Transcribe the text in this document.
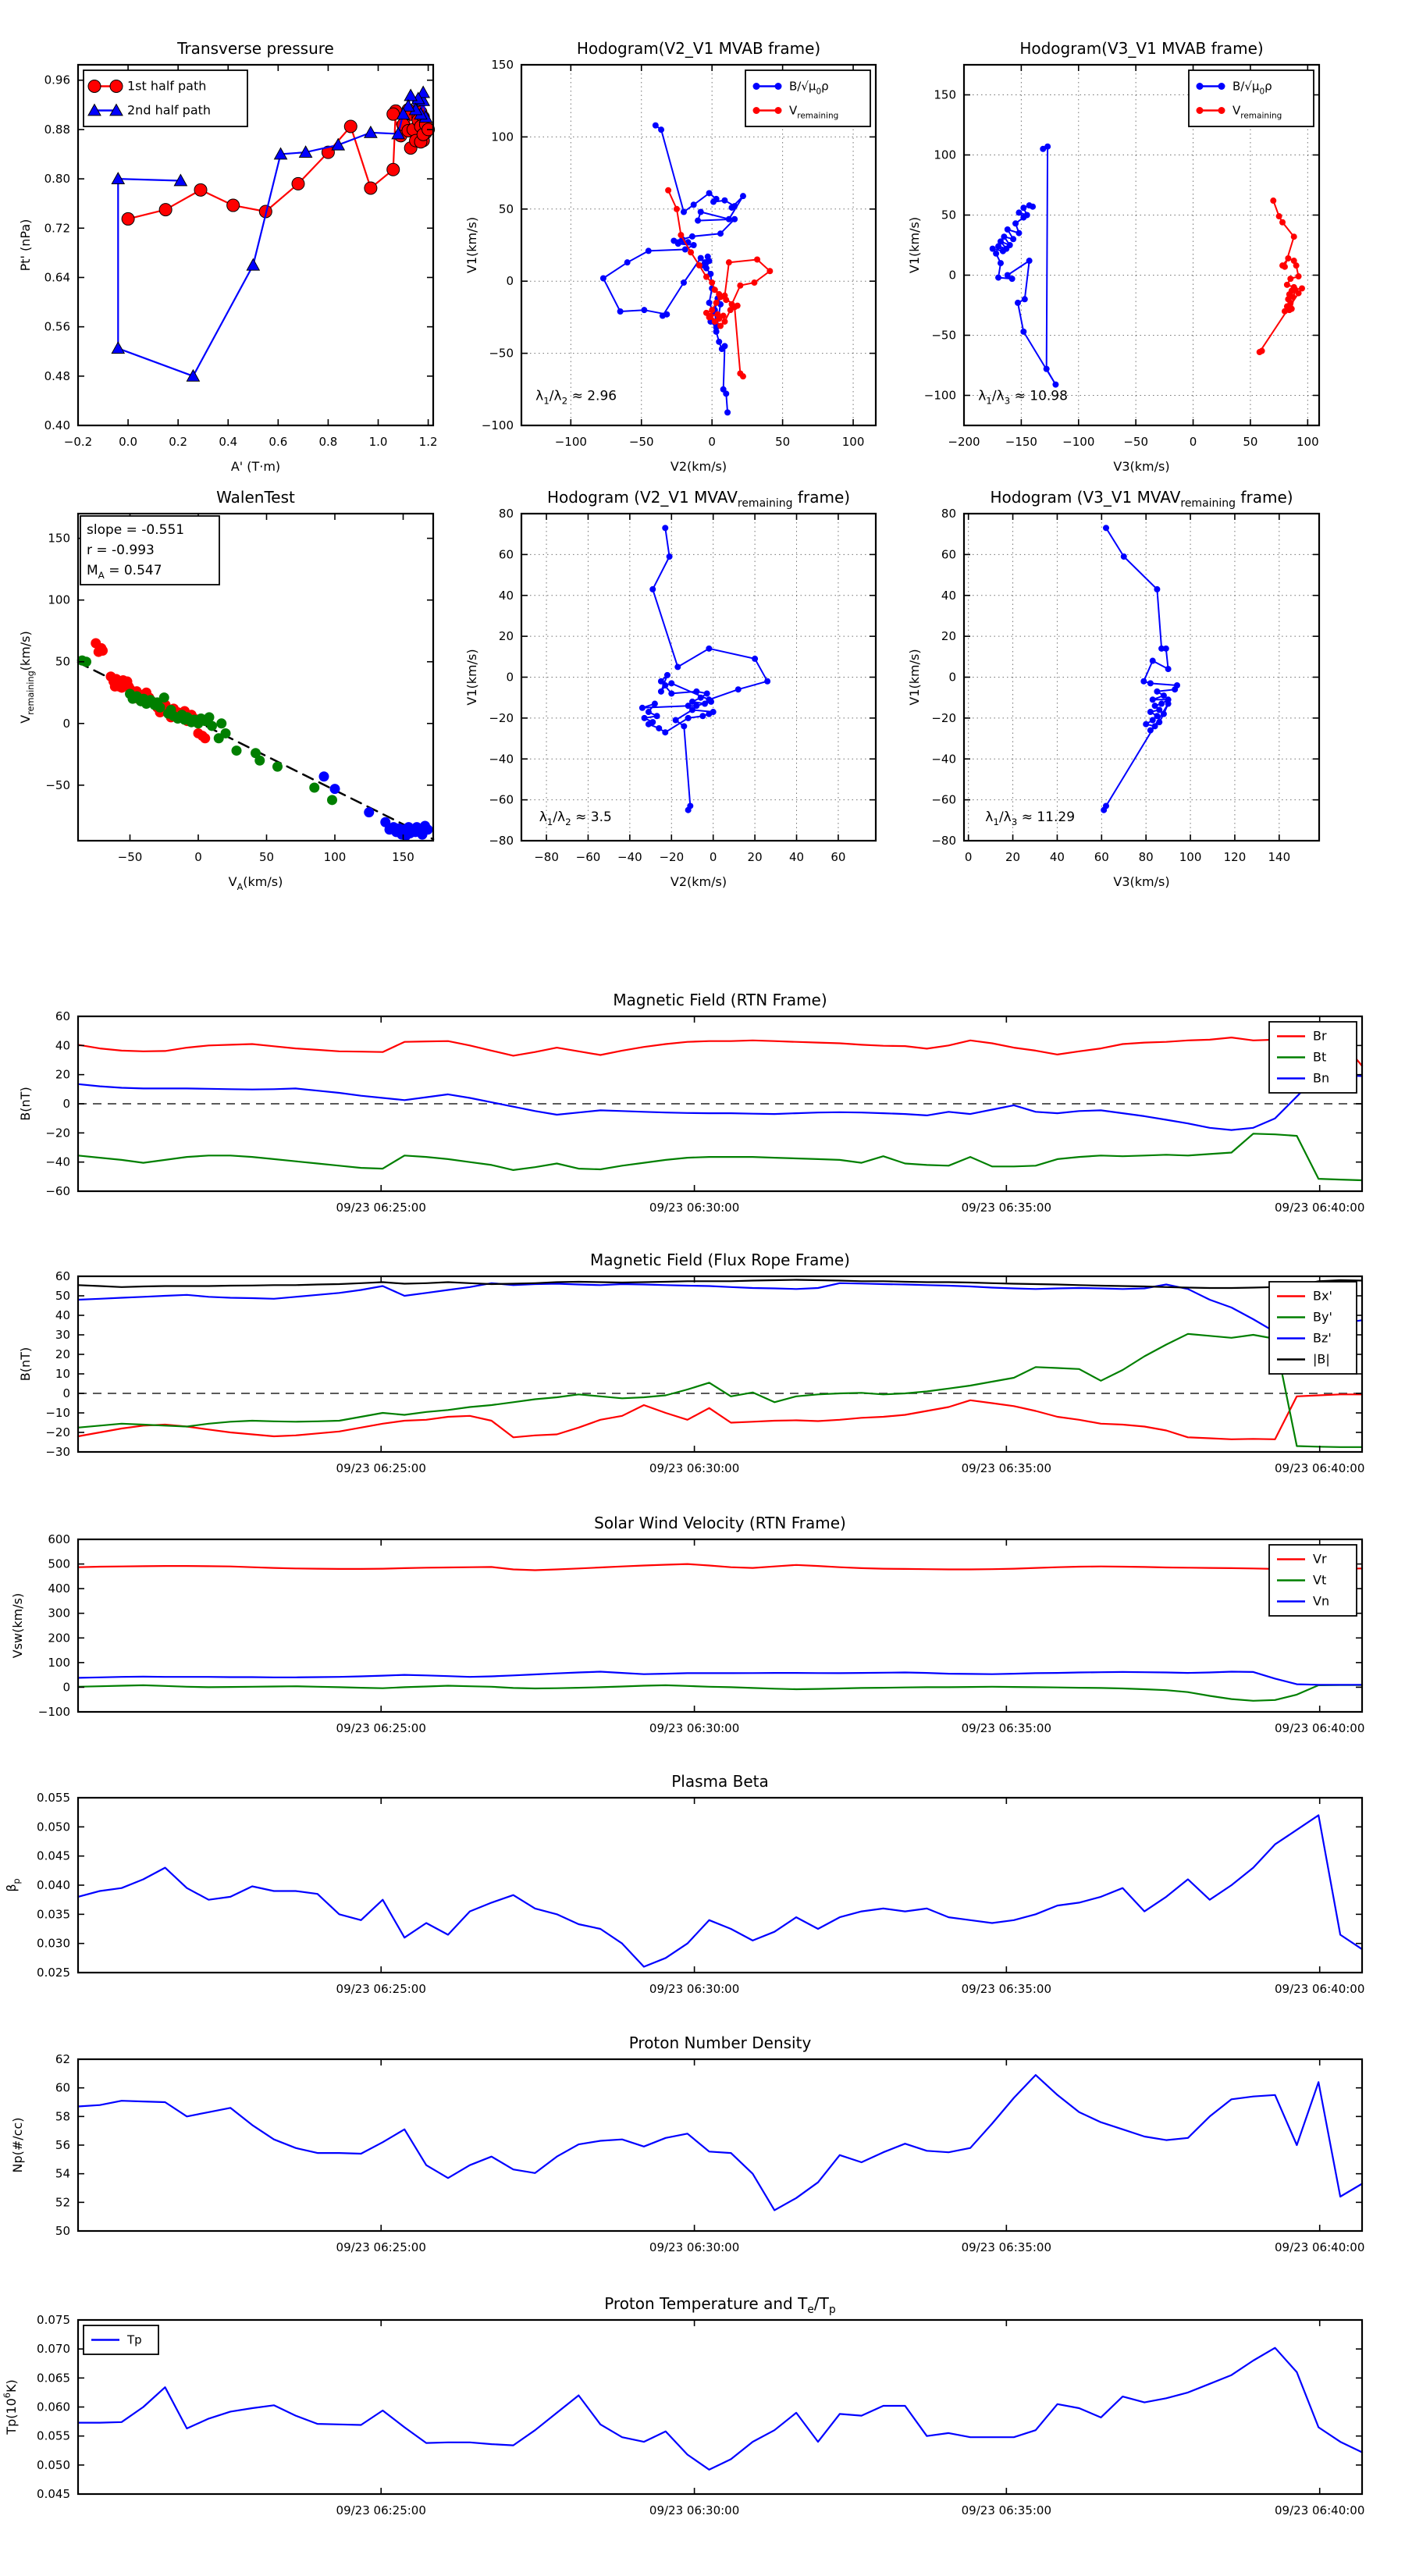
−0.2 0.0	0.2	0.4	0.6	0.8	1.0	1.2
0.40
0.48
0.56
0.64
0.72
0.80
0.88
0.96
Transverse pressure
A' (T·m)
Pt' (nPa)
1st half path
2nd half path
−100	−50	0	50	100
−100
−50
0
50
100
150
Hodogram(V2_V1 MVAB frame)
V2(km/s)
V1(km/s)
$B/√\mu_0\rho$
$V_{remaining}$
$\lambda_1/\lambda_2 \approx 2.96$
−200 −150 −100 −50	0	50	100
−100
−50
0
50
100
150
Hodogram(V3_V1 MVAB frame)
V3(km/s)
V1(km/s)
$B/√\mu_0\rho$
$V_{remaining}$
$\lambda_1/\lambda_3 \approx 10.98$
−50	0	50	100	150
−50
0
50
100
150
WalenTest
$V_A(km/s)$
$V_{remaining}(km/s)$
slope = -0.551
r = -0.993
$M_A = 0.547$
−80 −60 −40 −20 0	20 40 60
−80
−60
−40
−20
0
20
40
60
80
Hodogram (V2_V1 $MVAV_{remaining}$ frame)
V2(km/s)
V1(km/s)
$\lambda_1/\lambda_2 \approx 3.5$
0	20	40	60	80 100 120 140
−80
−60
−40
−20
0
20
40
60
80
Hodogram (V3_V1 $MVAV_{remaining}$ frame)
V3(km/s)
V1(km/s)
$\lambda_1/\lambda_3 \approx 11.29$
09/23 06:25:00	09/23 06:30:00	09/23 06:35:00	09/23 06:40:00
−60
−40
−20
0
20
40
60
Magnetic Field (RTN Frame)
B(nT)
Br
Bt
Bn
09/23 06:25:00	09/23 06:30:00	09/23 06:35:00	09/23 06:40:00
−30
−20
−10
0
10
20
30
40
50
60
Magnetic Field (Flux Rope Frame)
B(nT)
Bx'
By'
Bz'
|B|
09/23 06:25:00	09/23 06:30:00	09/23 06:35:00	09/23 06:40:00
−100
0
100
200
300
400
500
600
Solar Wind Velocity (RTN Frame)
Vsw(km/s)
Vr
Vt
Vn
09/23 06:25:00	09/23 06:30:00	09/23 06:35:00	09/23 06:40:00
0.025
0.030
0.035
0.040
0.045
0.050
0.055
Plasma Beta
$\beta_p$
09/23 06:25:00	09/23 06:30:00	09/23 06:35:00	09/23 06:40:00
50
52
54
56
58
60
62
Proton Number Density
Np(#/cc)
09/23 06:25:00	09/23 06:30:00	09/23 06:35:00	09/23 06:40:00
0.045
0.050
0.055
0.060
0.065
0.070
0.075
Proton Temperature and $T_e/T_p$
$Tp(10^6K)$
Tp
